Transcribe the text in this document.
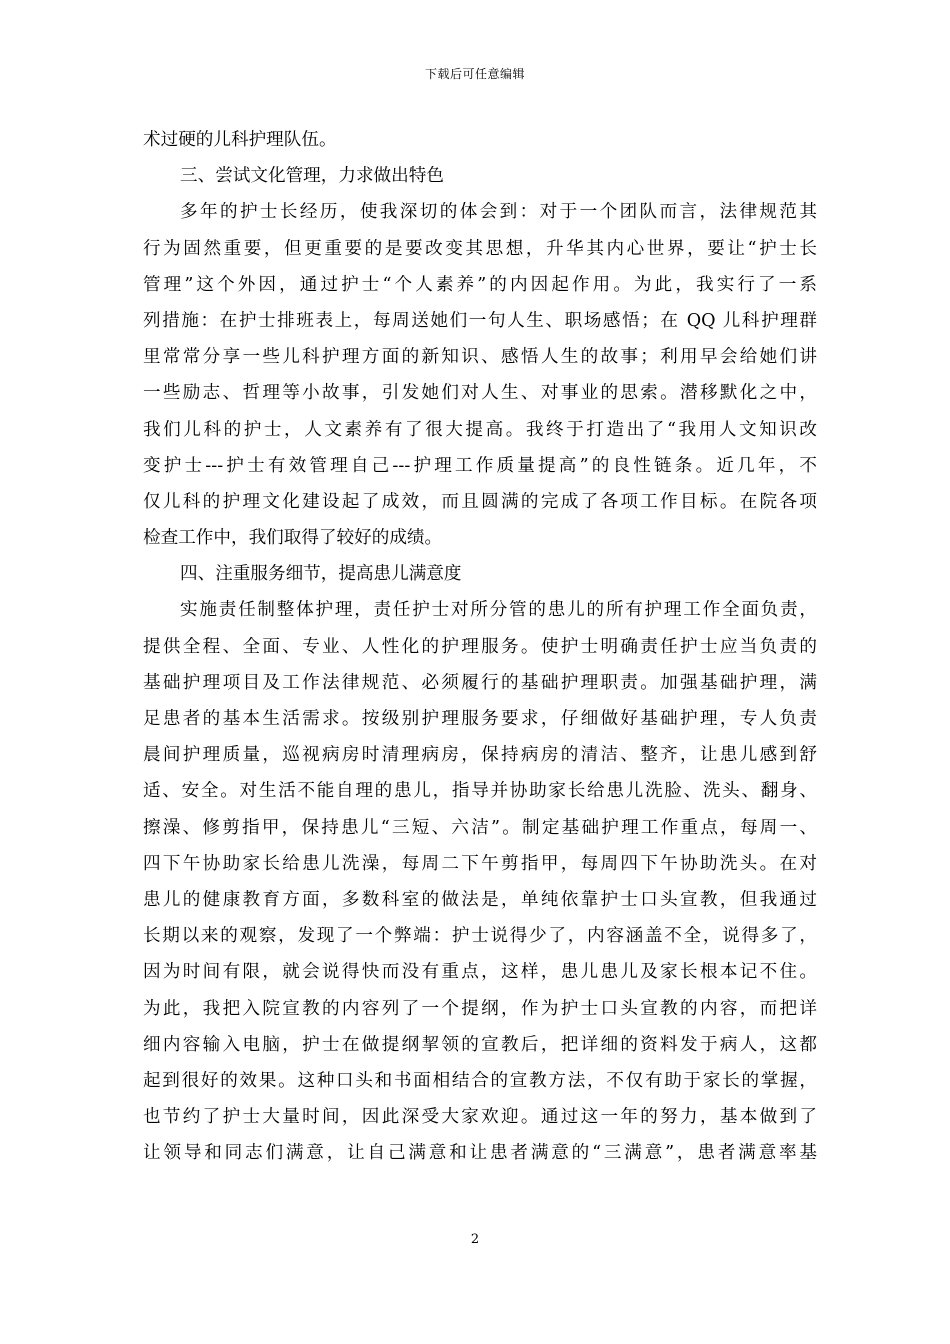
下载后可任意编辑
术过硬的儿科护理队伍。
三、尝试文化管理，力求做出特色
多年的护士长经历，使我深切的体会到：对于一个团队而言，法律规范其
行为固然重要，但更重要的是要改变其思想，升华其内心世界，要让“护士长
管理”这个外因，通过护士“个人素养”的内因起作用。为此，我实行了一系
列措施：在护士排班表上，每周送她们一句人生、职场感悟；在 QQ 儿科护理群
里常常分享一些儿科护理方面的新知识、感悟人生的故事；利用早会给她们讲
一些励志、哲理等小故事，引发她们对人生、对事业的思索。潜移默化之中，
我们儿科的护士，人文素养有了很大提高。我终于打造出了“我用人文知识改
变护士---护士有效管理自己---护理工作质量提高”的良性链条。近几年，不
仅儿科的护理文化建设起了成效，而且圆满的完成了各项工作目标。在院各项
检查工作中，我们取得了较好的成绩。
四、注重服务细节，提高患儿满意度
实施责任制整体护理，责任护士对所分管的患儿的所有护理工作全面负责，
提供全程、全面、专业、人性化的护理服务。使护士明确责任护士应当负责的
基础护理项目及工作法律规范、必须履行的基础护理职责。加强基础护理，满
足患者的基本生活需求。按级别护理服务要求，仔细做好基础护理，专人负责
晨间护理质量，巡视病房时清理病房，保持病房的清洁、整齐，让患儿感到舒
适、安全。对生活不能自理的患儿，指导并协助家长给患儿洗脸、洗头、翻身、
擦澡、修剪指甲，保持患儿“三短、六洁”。制定基础护理工作重点，每周一、
四下午协助家长给患儿洗澡，每周二下午剪指甲，每周四下午协助洗头。在对
患儿的健康教育方面，多数科室的做法是，单纯依靠护士口头宣教，但我通过
长期以来的观察，发现了一个弊端：护士说得少了，内容涵盖不全，说得多了，
因为时间有限，就会说得快而没有重点，这样，患儿患儿及家长根本记不住。
为此，我把入院宣教的内容列了一个提纲，作为护士口头宣教的内容，而把详
细内容输入电脑，护士在做提纲挈领的宣教后，把详细的资料发于病人，这都
起到很好的效果。这种口头和书面相结合的宣教方法，不仅有助于家长的掌握，
也节约了护士大量时间，因此深受大家欢迎。通过这一年的努力，基本做到了
让领导和同志们满意，让自己满意和让患者满意的“三满意”，患者满意率基
2
